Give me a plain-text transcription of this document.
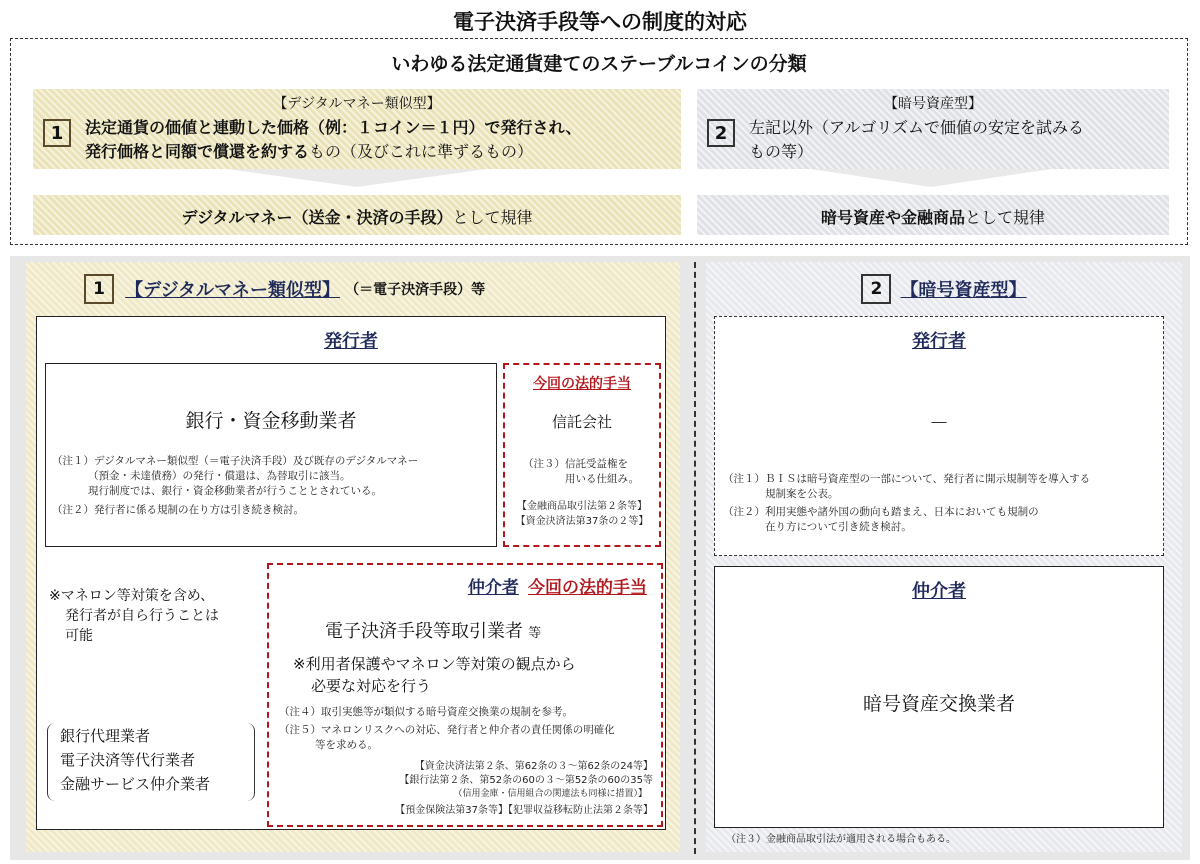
電子決済手段等への制度的対応
いわゆる法定通貨建てのステーブルコインの分類
【デジタルマネー類似型】
1 法定通貨の価値と連動した価格（例：１コイン＝１円）で発行され、
発行価格と同額で償還を約するもの（及びこれに準ずるもの）
デジタルマネー（送金・決済の手段）として規律
【暗号資産型】
2 左記以外（アルゴリズムで価値の安定を試みる
もの等）
暗号資産や金融商品として規律
1 【デジタルマネー類似型】 （＝電子決済手段）等
発行者
銀行・資金移動業者
（注１）デジタルマネー類似型（＝電子決済手段）及び既存のデジタルマネー
（預金・未達債務）の発行・償還は、為替取引に該当。
現行制度では、銀行・資金移動業者が行うこととされている。
（注２）発行者に係る規制の在り方は引き続き検討。
今回の法的手当
信託会社
（注３）信託受益権を
用いる仕組み。
【金融商品取引法第２条等】
【資金決済法第37条の２等】
※マネロン等対策を含め、
発行者が自ら行うことは
可能
銀行代理業者
電子決済等代行業者
金融サービス仲介業者
仲介者 今回の法的手当
電子決済手段等取引業者 等
※利用者保護やマネロン等対策の観点から
必要な対応を行う
（注４）取引実態等が類似する暗号資産交換業の規制を参考。
（注５）マネロンリスクへの対応、発行者と仲介者の責任関係の明確化
等を求める。
【資金決済法第２条、第62条の３～第62条の24等】
【銀行法第２条、第52条の60の３～第52条の60の35等
（信用金庫・信用組合の関連法も同様に措置）】
【預金保険法第37条等】【犯罪収益移転防止法第２条等】
2 【暗号資産型】
発行者
－
（注１）ＢＩＳは暗号資産型の一部について、発行者に開示規制等を導入する
規制案を公表。
（注２）利用実態や諸外国の動向も踏まえ、日本においても規制の
在り方について引き続き検討。
仲介者
暗号資産交換業者
（注３）金融商品取引法が適用される場合もある。
